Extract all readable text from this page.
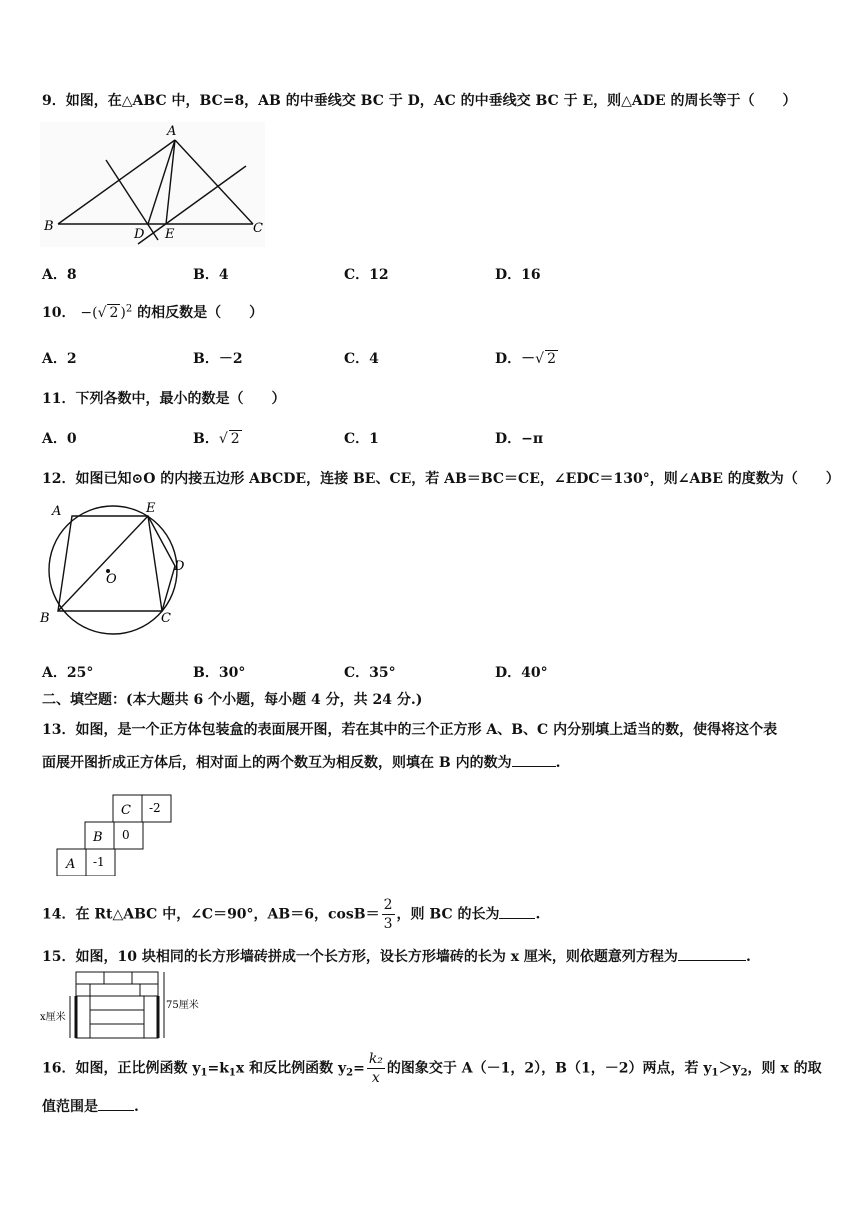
9．如图，在△ABC 中，BC=8，AB 的中垂线交 BC 于 D，AC 的中垂线交 BC 于 E，则△ADE 的周长等于（　　）
A
B	C
D E
A．8	B．4	C．12	D．16
10． −(√ 2 )$^2$ 的相反数是（　　）
A．2	B．－2	C．4	D．－√ 2
11．下列各数中，最小的数是（　　）
A．0	B．√ 2	C．1	D．−π
12．如图已知⊙O 的内接五边形 ABCDE，连接 BE、CE，若 AB＝BC＝CE，∠EDC＝130°，则∠ABE 的度数为（　　）
A	E
D
C
B
O
A．25°	B．30°	C．35°	D．40°
二、填空题：(本大题共 6 个小题，每小题 4 分，共 24 分.)
13．如图，是一个正方体包装盒的表面展开图，若在其中的三个正方形 A、B、C 内分别填上适当的数，使得将这个表
面展开图折成正方体后，相对面上的两个数互为相反数，则填在 B 内的数为	.
C -2
B 0
A -1
14．在 Rt△ABC 中，∠C＝90°，AB＝6，$\cos B= \frac{2}{3}$ ，则 BC 的长为	.
15．如图，10 块相同的长方形墙砖拼成一个长方形，设长方形墙砖的长为 x 厘米，则依题意列方程为	.
x厘米
75厘米
16．如图，正比例函数 $y_1=k_1x$ 和反比例函数 $y_2= \frac{\text{k₂}}{x}$ 的图象交于 A（－1，2），B（1，－2）两点，若 $y_1>y_2$，则 x 的取
值范围是	.
